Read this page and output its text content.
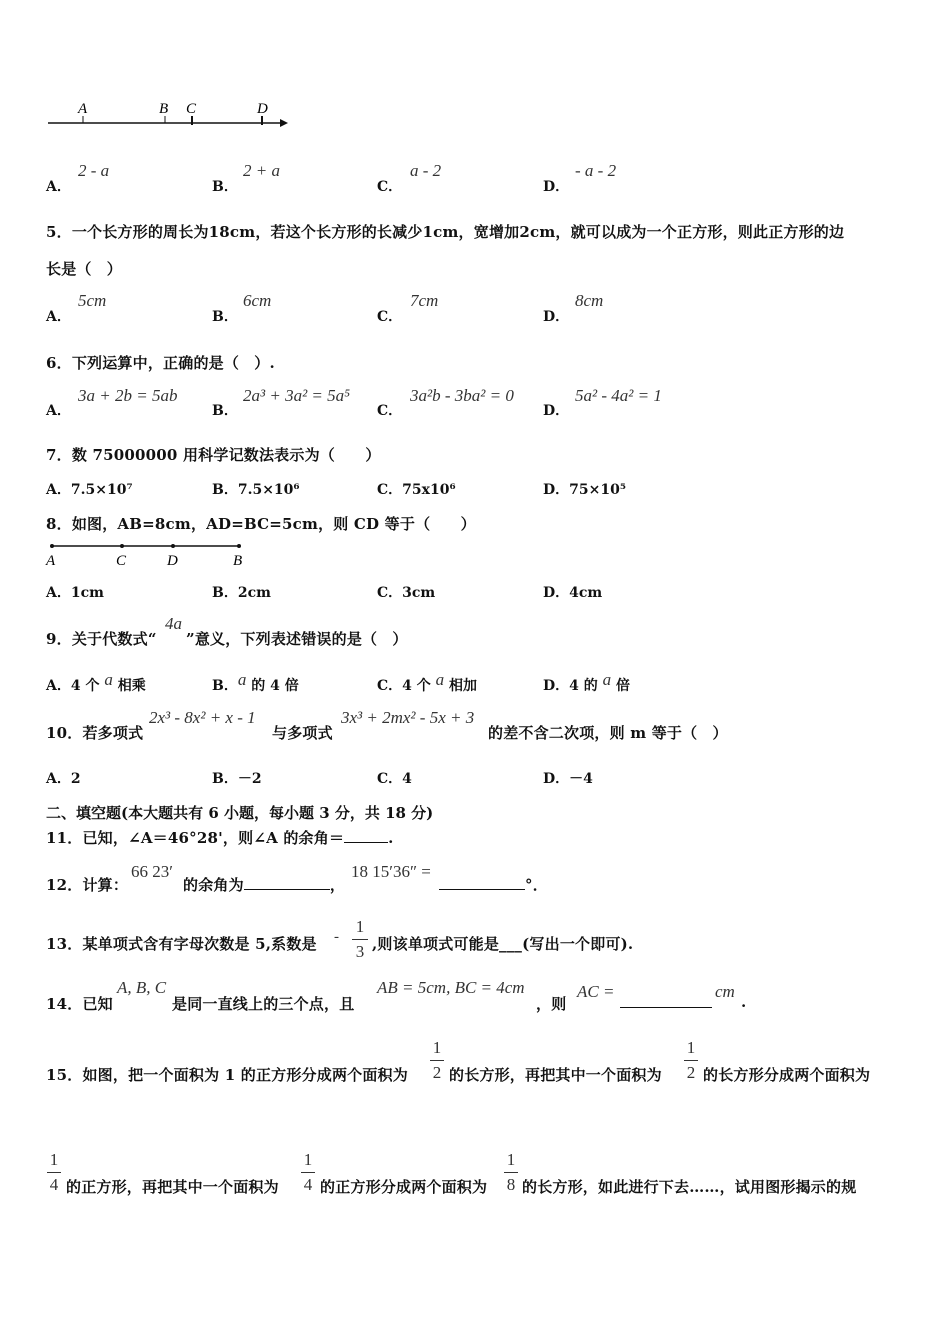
A	B C	D
A．
2 - a
B．
2 + a
C．
a - 2
D．
- a - 2
5．一个长方形的周长为18cm，若这个长方形的长减少1cm，宽增加2cm，就可以成为一个正方形，则此正方形的边
长是（　）
A．
5cm
B．
6cm
C．
7cm
D．
8cm
6．下列运算中，正确的是（　）.
A．
3a + 2b = 5ab
B．
2a³ + 3a² = 5a⁵
C．
3a²b - 3ba² = 0
D．
5a² - 4a² = 1
7．数 75000000 用科学记数法表示为（　　）
A．7.5×10⁷	B．7.5×10⁶	C．75x10⁶	D．75×10⁵
8．如图，AB=8cm，AD=BC=5cm，则 CD 等于（　　）
A	C	D	B
A．1cm	B．2cm	C．3cm	D．4cm
9．关于代数式“
4a
”意义，下列表述错误的是（　）
A．4 个 a 相乘	B．a 的 4 倍	C．4 个 a 相加	D．4 的 a 倍
10．若多项式
2x³ - 8x² + x - 1
与多项式
3x³ + 2mx² - 5x + 3
的差不含二次项，则 m 等于（　）
A．2	B．－2	C．4	D．－4
二、填空题(本大题共有 6 小题，每小题 3 分，共 18 分)
11．已知，∠A＝46°28'，则∠A 的余角＝	.
12．计算：
66 23′
的余角为	，
18 15′36″ =
°．
13．某单项式含有字母次数是 5,系数是 -
1
3 ,则该单项式可能是___(写出一个即可).
14．已知
A, B, C
是同一直线上的三个点，且
AB = 5cm, BC = 4cm
，则
AC =	cm
.
15．如图，把一个面积为 1 的正方形分成两个面积为
1
2 的长方形，再把其中一个面积为
1
2 的长方形分成两个面积为
1
4 的正方形，再把其中一个面积为
1
4 的正方形分成两个面积为
1
8 的长方形，如此进行下去……，试用图形揭示的规
